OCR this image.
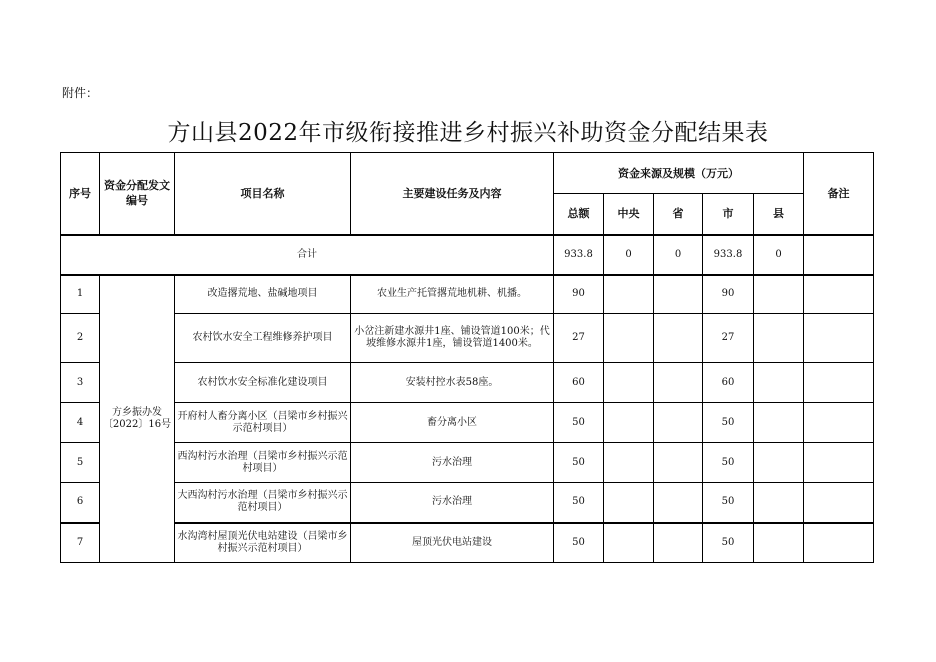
附件：
方山县2022年市级衔接推进乡村振兴补助资金分配结果表
序号	资金分配发文编号	项目名称	主要建设任务及内容	资金来源及规模（万元）					备注
				总额	中央	省	市	县	
合计				933.8	0	0	933.8	0	
1	方乡振办发〔2022〕16号	改造撂荒地、盐碱地项目	农业生产托管撂荒地机耕、机播。	90			90		
2		农村饮水安全工程维修养护项目	小岔注新建水源井1座、铺设管道100米；代坡维修水源井1座，铺设管道1400米。	27			27		
3		农村饮水安全标准化建设项目	安装村控水表58座。	60			60		
4		开府村人畜分离小区（吕梁市乡村振兴示范村项目）	畜分离小区	50			50		
5		西沟村污水治理（吕梁市乡村振兴示范村项目）	污水治理	50			50		
6		大西沟村污水治理（吕梁市乡村振兴示范村项目）	污水治理	50			50		
7		水沟湾村屋顶光伏电站建设（吕梁市乡村振兴示范村项目）	屋顶光伏电站建设	50			50		
